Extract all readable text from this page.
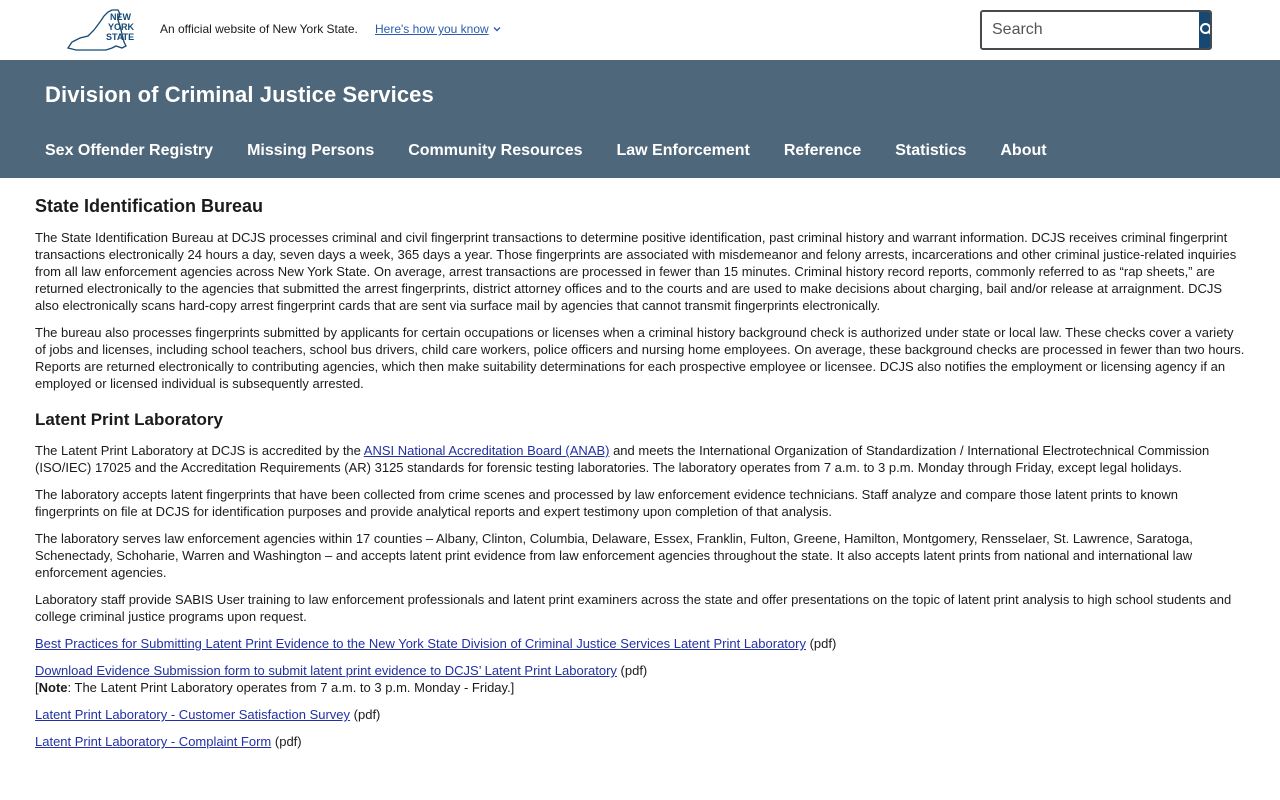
NEW
YORK
STATE
An official website of New York State. Here's how you know
Search
Division of Criminal Justice Services
Sex Offender Registry Missing Persons Community Resources Law Enforcement Reference Statistics About
State Identification Bureau

The State Identification Bureau at DCJS processes criminal and civil fingerprint transactions to determine positive identification, past criminal history and warrant information. DCJS receives criminal fingerprint transactions electronically 24 hours a day, seven days a week, 365 days a year. Those fingerprints are associated with misdemeanor and felony arrests, incarcerations and other criminal justice-related inquiries from all law enforcement agencies across New York State. On average, arrest transactions are processed in fewer than 15 minutes. Criminal history record reports, commonly referred to as “rap sheets,” are returned electronically to the agencies that submitted the arrest fingerprints, district attorney offices and to the courts and are used to make decisions about charging, bail and/or release at arraignment. DCJS also electronically scans hard-copy arrest fingerprint cards that are sent via surface mail by agencies that cannot transmit fingerprints electronically.

The bureau also processes fingerprints submitted by applicants for certain occupations or licenses when a criminal history background check is authorized under state or local law. These checks cover a variety of jobs and licenses, including school teachers, school bus drivers, child care workers, police officers and nursing home employees. On average, these background checks are processed in fewer than two hours. Reports are returned electronically to contributing agencies, which then make suitability determinations for each prospective employee or licensee. DCJS also notifies the employment or licensing agency if an employed or licensed individual is subsequently arrested.

Latent Print Laboratory

The Latent Print Laboratory at DCJS is accredited by the ANSI National Accreditation Board (ANAB) and meets the International Organization of Standardization / International Electrotechnical Commission (ISO/IEC) 17025 and the Accreditation Requirements (AR) 3125 standards for forensic testing laboratories. The laboratory operates from 7 a.m. to 3 p.m. Monday through Friday, except legal holidays.

The laboratory accepts latent fingerprints that have been collected from crime scenes and processed by law enforcement evidence technicians. Staff analyze and compare those latent prints to known fingerprints on file at DCJS for identification purposes and provide analytical reports and expert testimony upon completion of that analysis.

The laboratory serves law enforcement agencies within 17 counties – Albany, Clinton, Columbia, Delaware, Essex, Franklin, Fulton, Greene, Hamilton, Montgomery, Rensselaer, St. Lawrence, Saratoga, Schenectady, Schoharie, Warren and Washington – and accepts latent print evidence from law enforcement agencies throughout the state. It also accepts latent prints from national and international law enforcement agencies.

Laboratory staff provide SABIS User training to law enforcement professionals and latent print examiners across the state and offer presentations on the topic of latent print analysis to high school students and college criminal justice programs upon request.

Best Practices for Submitting Latent Print Evidence to the New York State Division of Criminal Justice Services Latent Print Laboratory (pdf)

Download Evidence Submission form to submit latent print evidence to DCJS’ Latent Print Laboratory (pdf)
[Note: The Latent Print Laboratory operates from 7 a.m. to 3 p.m. Monday - Friday.]

Latent Print Laboratory - Customer Satisfaction Survey (pdf)

Latent Print Laboratory - Complaint Form (pdf)
